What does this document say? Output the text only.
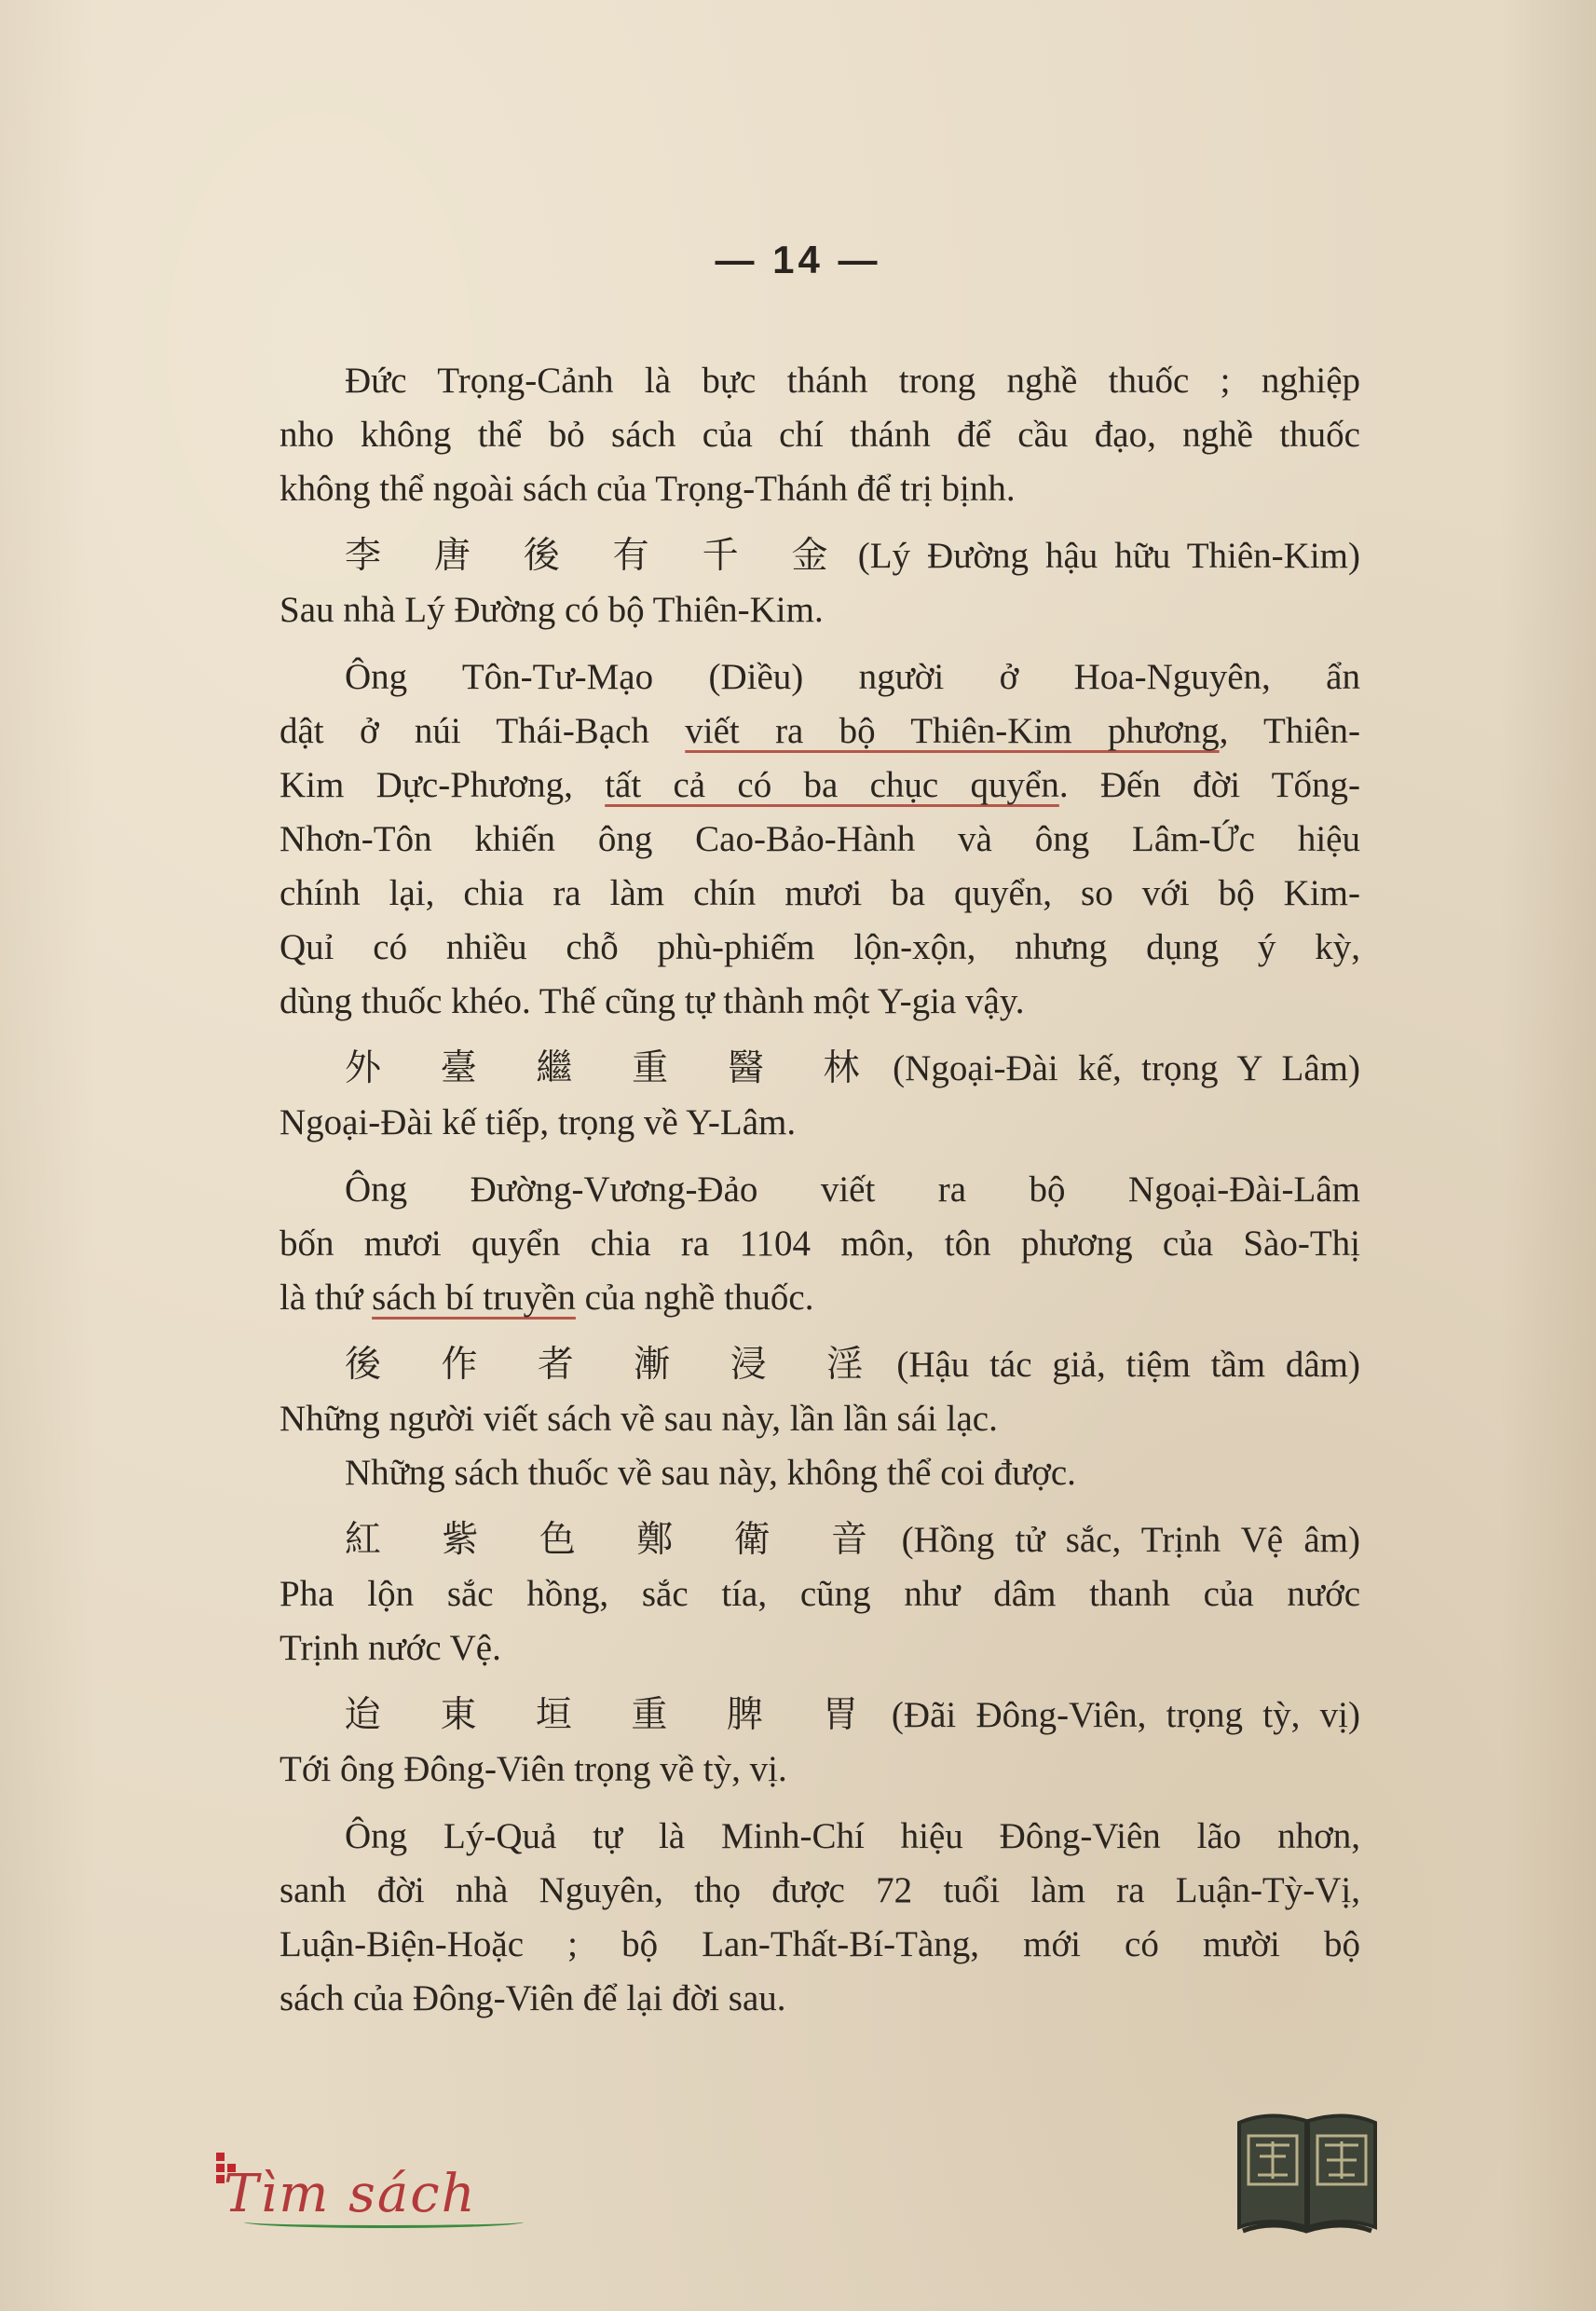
— 14 —
Đức Trọng-Cảnh là bực thánh trong nghề thuốc ; nghiệp
nho không thể bỏ sách của chí thánh để cầu đạo, nghề thuốc
không thể ngoài sách của Trọng-Thánh để trị bịnh.
李 唐 後 有 千 金 (Lý Đường hậu hữu Thiên-Kim)
Sau nhà Lý Đường có bộ Thiên-Kim.
Ông Tôn-Tư-Mạo (Diều) người ở Hoa-Nguyên, ẩn
dật ở núi Thái-Bạch viết ra bộ Thiên-Kim phương, Thiên-
Kim Dực-Phương, tất cả có ba chục quyển. Đến đời Tống-
Nhơn-Tôn khiến ông Cao-Bảo-Hành và ông Lâm-Ức hiệu
chính lại, chia ra làm chín mươi ba quyển, so với bộ Kim-
Quỉ có nhiều chỗ phù-phiếm lộn-xộn, nhưng dụng ý kỳ,
dùng thuốc khéo. Thế cũng tự thành một Y-gia vậy.
外 臺 繼 重 醫 林 (Ngoại-Đài kế, trọng Y Lâm)
Ngoại-Đài kế tiếp, trọng về Y-Lâm.
Ông Đường-Vương-Đảo viết ra bộ Ngoại-Đài-Lâm
bốn mươi quyển chia ra 1104 môn, tôn phương của Sào-Thị
là thứ sách bí truyền của nghề thuốc.
後 作 者 漸 浸 淫 (Hậu tác giả, tiệm tầm dâm)
Những người viết sách về sau này, lần lần sái lạc.
Những sách thuốc về sau này, không thể coi được.
紅 紫 色 鄭 衛 音 (Hồng tử sắc, Trịnh Vệ âm)
Pha lộn sắc hồng, sắc tía, cũng như dâm thanh của nước
Trịnh nước Vệ.
迨 東 垣 重 脾 胃 (Đãi Đông-Viên, trọng tỳ, vị)
Tới ông Đông-Viên trọng về tỳ, vị.
Ông Lý-Quả tự là Minh-Chí hiệu Đông-Viên lão nhơn,
sanh đời nhà Nguyên, thọ được 72 tuổi làm ra Luận-Tỳ-Vị,
Luận-Biện-Hoặc ; bộ Lan-Thất-Bí-Tàng, mới có mười bộ
sách của Đông-Viên để lại đời sau.
Tìm sách
